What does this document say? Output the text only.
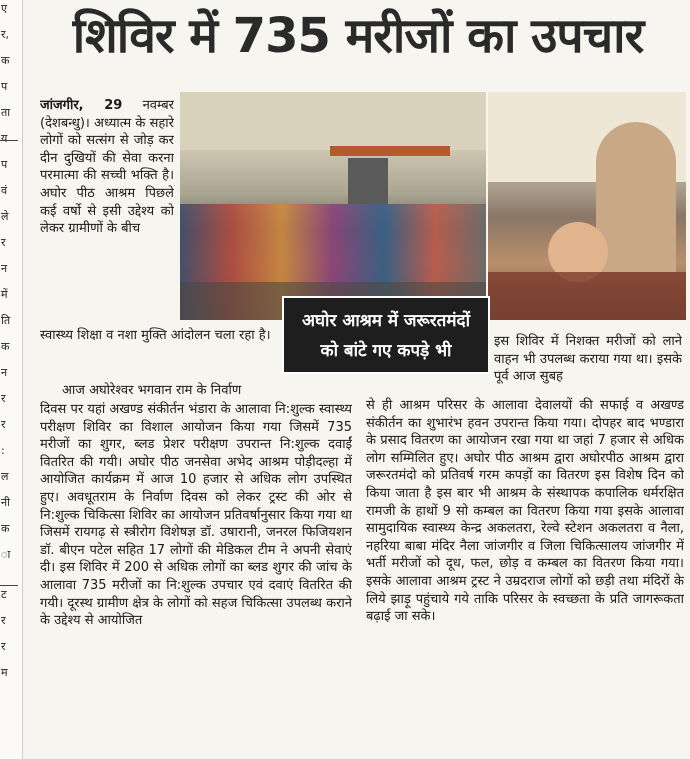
ए
र,
क
प
ता
य
प
वं
ले
र
न
में
ति
क
न
र
र
:
ल
नी
क
ा
ट
र
र
म
शिविर में 735 मरीजों का उपचार
अघोर आश्रम में जरूरतमंदों
को बांटे गए कपड़े भी
जांजगीर, 29 नवम्बर (देशबन्धु)। अध्यात्म के सहारे लोगों को सत्संग से जोड़ कर दीन दुखियों की सेवा करना परमात्मा की सच्ची भक्ति है। अघोर पीठ आश्रम पिछले कई वर्षो से इसी उद्देश्य को लेकर ग्रामीणों के बीच
स्वास्थ्य शिक्षा व नशा मुक्ति आंदोलन चला रहा है।
आज अघोरेश्वर भगवान राम के निर्वाण
दिवस पर यहां अखण्ड संकीर्तन भंडारा के आलावा नि:शुल्क स्वास्थ्य परीक्षण शिविर का विशाल आयोजन किया गया जिसमें 735 मरीजों का शुगर, ब्लड प्रेशर परीक्षण उपरान्त नि:शुल्क दवाईं वितरित की गयी। अघोर पीठ जनसेवा अभेद आश्रम पोड़ीदल्हा में आयोजित कार्यक्रम में आज 10 हजार से अधिक लोग उपस्थित हुए। अवधूतराम के निर्वाण दिवस को लेकर ट्रस्ट की ओर से नि:शुल्क चिकित्सा शिविर का आयोजन प्रतिवर्षानुसार किया गया था जिसमें रायगढ़ से स्त्रीरोग विशेषज्ञ डॉ. उषारानी, जनरल फिजियशन डॉ. बीएन पटेल सहित 17 लोगों की मेडिकल टीम ने अपनी सेवाएं दी। इस शिविर में 200 से अधिक लोगों का ब्लड शुगर की जांच के आलावा 735 मरीजों का नि:शुल्क उपचार एवं दवाएं वितरित की गयी। दूरस्थ ग्रामीण क्षेत्र के लोगों को सहज चिकित्सा उपलब्ध कराने के उद्देश्य से आयोजित
इस शिविर में निशक्त मरीजों को लाने वाहन भी उपलब्ध कराया गया था। इसके पूर्व आज सुबह
से ही आश्रम परिसर के आलावा देवालयों की सफाई व अखण्ड संकीर्तन का शुभारंभ हवन उपरान्त किया गया। दोपहर बाद भण्डारा के प्रसाद वितरण का आयोजन रखा गया था जहां 7 हजार से अधिक लोग सम्मिलित हुए। अघोर पीठ आश्रम द्वारा अघोरपीठ आश्रम द्वारा जरूरतमंदो को प्रतिवर्ष गरम कपड़ों का वितरण इस विशेष दिन को किया जाता है इस बार भी आश्रम के संस्थापक कपालिक धर्मरक्षित रामजी के हाथों 9 सो कम्बल का वितरण किया गया इसके आलावा सामुदायिक स्वास्थ्य केन्द्र अकलतरा, रेल्वे स्टेशन अकलतरा व नैला, नहरिया बाबा मंदिर नैला जांजगीर व जिला चिकित्सालय जांजगीर में भर्ती मरीजों को दूध, फल, छोड़ व कम्बल का वितरण किया गया। इसके आलावा आश्रम ट्रस्ट ने उम्रदराज लोगों को छड़ी तथा मंदिरों के लिये झाड़ू पहुंचाये गये ताकि परिसर के स्वच्छता के प्रति जागरूकता बढ़ाई जा सके।
